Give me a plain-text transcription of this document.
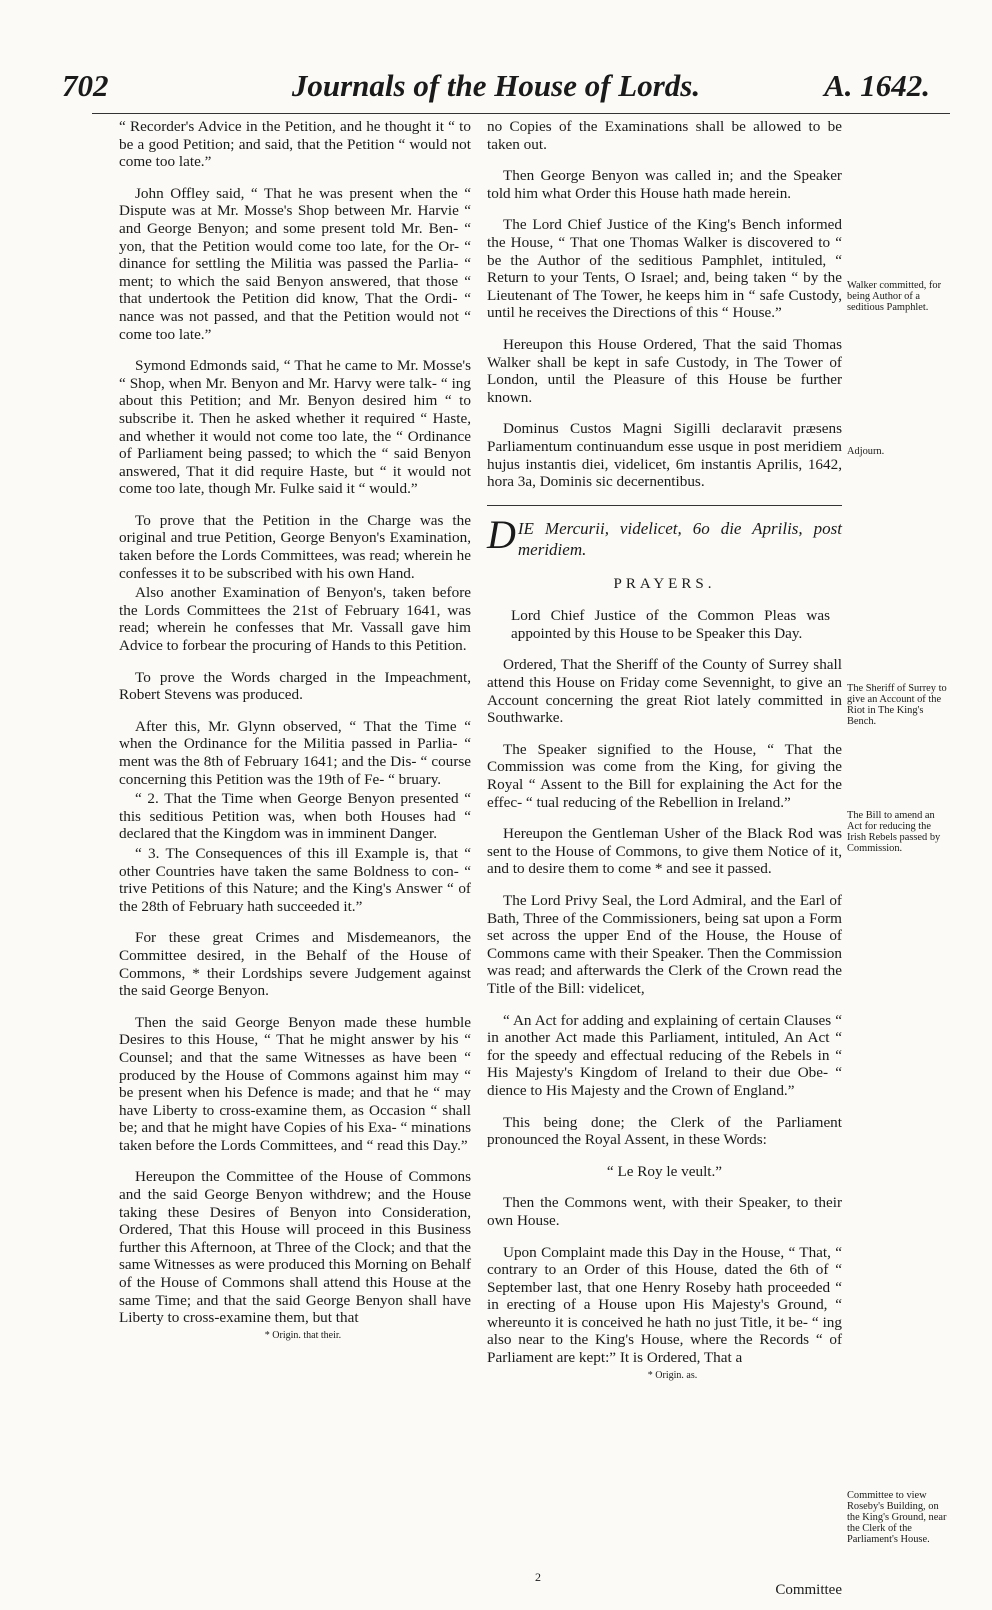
702	Journals of the House of Lords.	A. 1642.

“ Recorder's Advice in the Petition, and he thought it “ to be a good Petition; and said, that the Petition “ would not come too late.”

John Offley said, “ That he was present when the “ Dispute was at Mr. Mosse's Shop between Mr. Harvie “ and George Benyon; and some present told Mr. Ben- “ yon, that the Petition would come too late, for the Or- “ dinance for settling the Militia was passed the Parlia- “ ment; to which the said Benyon answered, that those “ that undertook the Petition did know, That the Ordi- “ nance was not passed, and that the Petition would not “ come too late.”

Symond Edmonds said, “ That he came to Mr. Mosse's “ Shop, when Mr. Benyon and Mr. Harvy were talk- “ ing about this Petition; and Mr. Benyon desired him “ to subscribe it. Then he asked whether it required “ Haste, and whether it would not come too late, the “ Ordinance of Parliament being passed; to which the “ said Benyon answered, That it did require Haste, but “ it would not come too late, though Mr. Fulke said it “ would.”

To prove that the Petition in the Charge was the original and true Petition, George Benyon's Examination, taken before the Lords Committees, was read; wherein he confesses it to be subscribed with his own Hand.

Also another Examination of Benyon's, taken before the Lords Committees the 21st of February 1641, was read; wherein he confesses that Mr. Vassall gave him Advice to forbear the procuring of Hands to this Petition.

To prove the Words charged in the Impeachment, Robert Stevens was produced.

After this, Mr. Glynn observed, “ That the Time “ when the Ordinance for the Militia passed in Parlia- “ ment was the 8th of February 1641; and the Dis- “ course concerning this Petition was the 19th of Fe- “ bruary.

“ 2. That the Time when George Benyon presented “ this seditious Petition was, when both Houses had “ declared that the Kingdom was in imminent Danger.

“ 3. The Consequences of this ill Example is, that “ other Countries have taken the same Boldness to con- “ trive Petitions of this Nature; and the King's Answer “ of the 28th of February hath succeeded it.”

For these great Crimes and Misdemeanors, the Committee desired, in the Behalf of the House of Commons, * their Lordships severe Judgement against the said George Benyon.

Then the said George Benyon made these humble Desires to this House, “ That he might answer by his “ Counsel; and that the same Witnesses as have been “ produced by the House of Commons against him may “ be present when his Defence is made; and that he “ may have Liberty to cross-examine them, as Occasion “ shall be; and that he might have Copies of his Exa- “ minations taken before the Lords Committees, and “ read this Day.”

Hereupon the Committee of the House of Commons and the said George Benyon withdrew; and the House taking these Desires of Benyon into Consideration, Ordered, That this House will proceed in this Business further this Afternoon, at Three of the Clock; and that the same Witnesses as were produced this Morning on Behalf of the House of Commons shall attend this House at the same Time; and that the said George Benyon shall have Liberty to cross-examine them, but that

* Origin. that their.

no Copies of the Examinations shall be allowed to be taken out.

Then George Benyon was called in; and the Speaker told him what Order this House hath made herein.

The Lord Chief Justice of the King's Bench informed the House, “ That one Thomas Walker is discovered to “ be the Author of the seditious Pamphlet, intituled, “ Return to your Tents, O Israel; and, being taken “ by the Lieutenant of The Tower, he keeps him in “ safe Custody, until he receives the Directions of this “ House.”

Hereupon this House Ordered, That the said Thomas Walker shall be kept in safe Custody, in The Tower of London, until the Pleasure of this House be further known.

Dominus Custos Magni Sigilli declaravit præsens Parliamentum continuandum esse usque in post meridiem hujus instantis diei, videlicet, 6m instantis Aprilis, 1642, hora 3a, Dominis sic decernentibus.

DIE Mercurii, videlicet, 6o die Aprilis, post meridiem.

PRAYERS.

Lord Chief Justice of the Common Pleas was appointed by this House to be Speaker this Day.

Ordered, That the Sheriff of the County of Surrey shall attend this House on Friday come Sevennight, to give an Account concerning the great Riot lately committed in Southwarke.

The Speaker signified to the House, “ That the Commission was come from the King, for giving the Royal “ Assent to the Bill for explaining the Act for the effec- “ tual reducing of the Rebellion in Ireland.”

Hereupon the Gentleman Usher of the Black Rod was sent to the House of Commons, to give them Notice of it, and to desire them to come * and see it passed.

The Lord Privy Seal, the Lord Admiral, and the Earl of Bath, Three of the Commissioners, being sat upon a Form set across the upper End of the House, the House of Commons came with their Speaker. Then the Commission was read; and afterwards the Clerk of the Crown read the Title of the Bill: videlicet,

“ An Act for adding and explaining of certain Clauses “ in another Act made this Parliament, intituled, An Act “ for the speedy and effectual reducing of the Rebels in “ His Majesty's Kingdom of Ireland to their due Obe- “ dience to His Majesty and the Crown of England.”

This being done; the Clerk of the Parliament pronounced the Royal Assent, in these Words:

“ Le Roy le veult.”

Then the Commons went, with their Speaker, to their own House.

Upon Complaint made this Day in the House, “ That, “ contrary to an Order of this House, dated the 6th of “ September last, that one Henry Roseby hath proceeded “ in erecting of a House upon His Majesty's Ground, “ whereunto it is conceived he hath no just Title, it be- “ ing also near to the King's House, where the Records “ of Parliament are kept:” It is Ordered, That a

* Origin. as.

2
Committee
Walker committed, for being Author of a seditious Pamphlet.
Adjourn.
The Sheriff of Surrey to give an Account of the Riot in The King's Bench.
The Bill to amend an Act for reducing the Irish Rebels passed by Commission.
Committee to view Roseby's Building, on the King's Ground, near the Clerk of the Parliament's House.
